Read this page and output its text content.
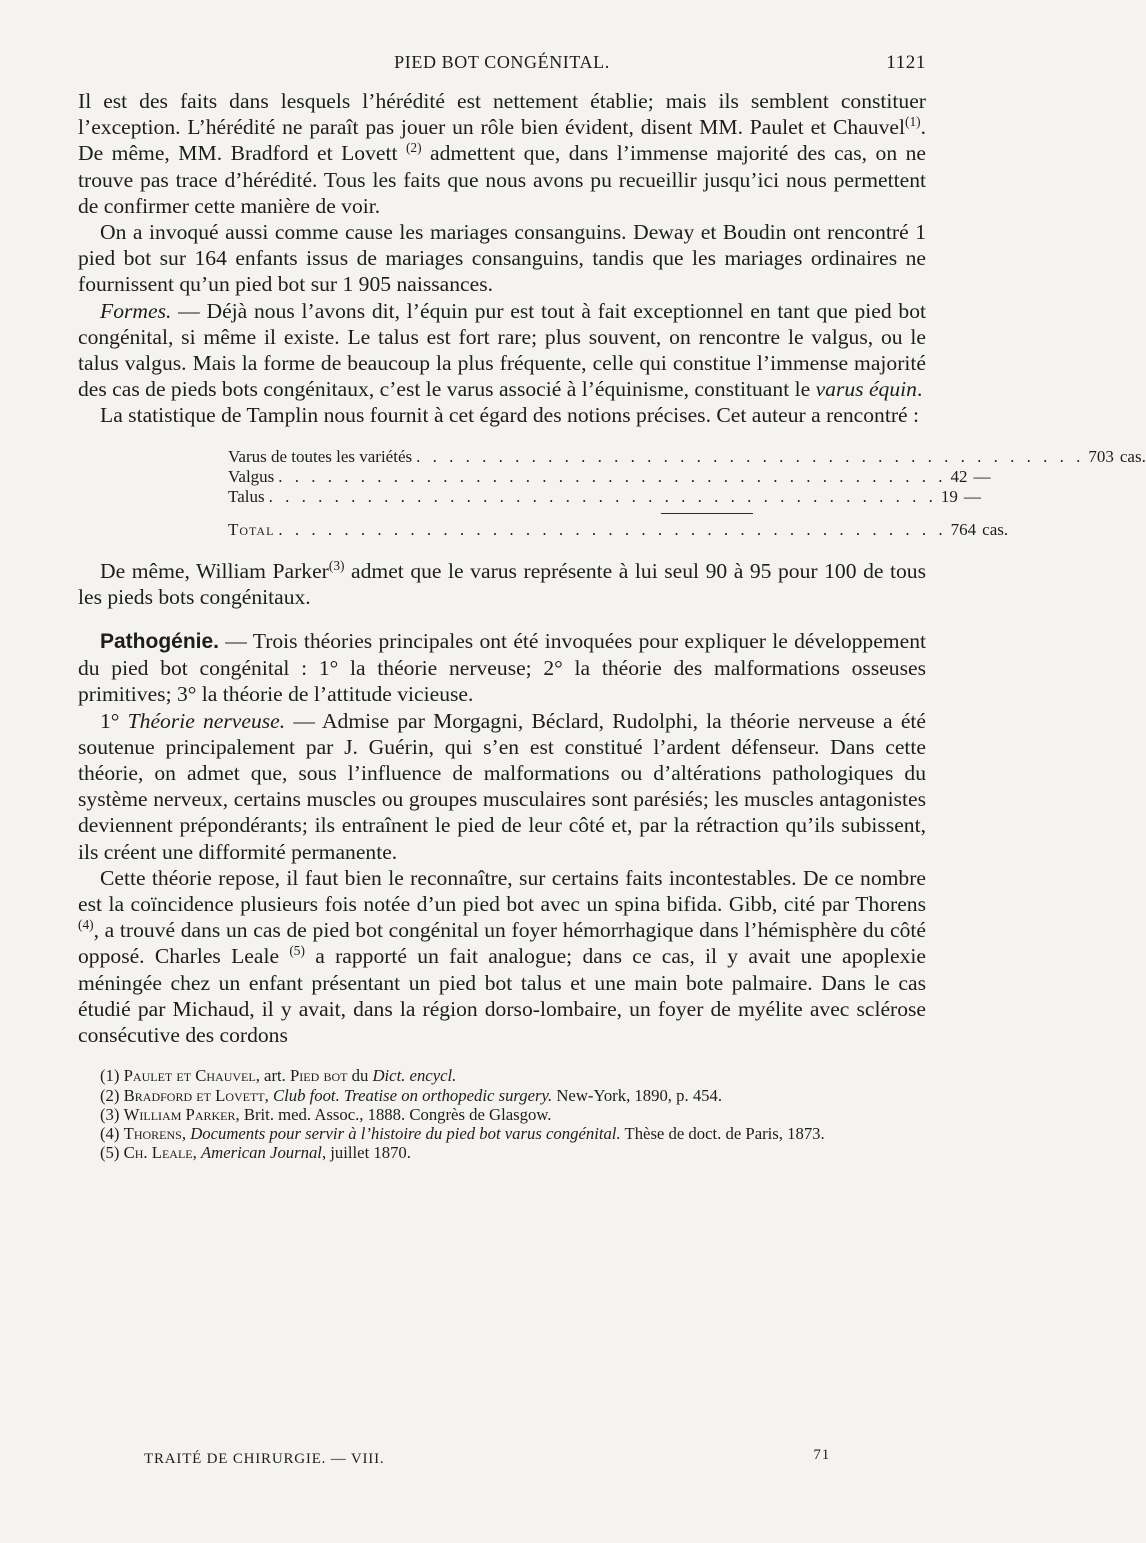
PIED BOT CONGÉNITAL.	1121

Il est des faits dans lesquels l’hérédité est nettement établie; mais ils semblent constituer l’exception. L’hérédité ne paraît pas jouer un rôle bien évident, disent MM. Paulet et Chauvel$^{(1)}$. De même, MM. Bradford et Lovett $^{(2)}$ admettent que, dans l’immense majorité des cas, on ne trouve pas trace d’hérédité. Tous les faits que nous avons pu recueillir jusqu’ici nous permettent de confirmer cette manière de voir.

On a invoqué aussi comme cause les mariages consanguins. Deway et Boudin ont rencontré 1 pied bot sur 164 enfants issus de mariages consanguins, tandis que les mariages ordinaires ne fournissent qu’un pied bot sur 1 905 naissances.

Formes. — Déjà nous l’avons dit, l’équin pur est tout à fait exceptionnel en tant que pied bot congénital, si même il existe. Le talus est fort rare; plus souvent, on rencontre le valgus, ou le talus valgus. Mais la forme de beaucoup la plus fréquente, celle qui constitue l’immense majorité des cas de pieds bots congénitaux, c’est le varus associé à l’équinisme, constituant le varus équin.

La statistique de Tamplin nous fournit à cet égard des notions précises. Cet auteur a rencontré :

Varus de toutes les variétés . . . . . . . . . . . . . . . . . . . . . . . . . . . . . . . . . . . . . . . . . 703 cas.
Valgus . . . . . . . . . . . . . . . . . . . . . . . . . . . . . . . . . . . . . . . . . 42 —
Talus . . . . . . . . . . . . . . . . . . . . . . . . . . . . . . . . . . . . . . . . . 19 —
Total . . . . . . . . . . . . . . . . . . . . . . . . . . . . . . . . . . . . . . . . . 764 cas.

De même, William Parker$^{(3)}$ admet que le varus représente à lui seul 90 à 95 pour 100 de tous les pieds bots congénitaux.

Pathogénie. — Trois théories principales ont été invoquées pour expliquer le développement du pied bot congénital : 1° la théorie nerveuse; 2° la théorie des malformations osseuses primitives; 3° la théorie de l’attitude vicieuse.

1° Théorie nerveuse. — Admise par Morgagni, Béclard, Rudolphi, la théorie nerveuse a été soutenue principalement par J. Guérin, qui s’en est constitué l’ardent défenseur. Dans cette théorie, on admet que, sous l’influence de malformations ou d’altérations pathologiques du système nerveux, certains muscles ou groupes musculaires sont parésiés; les muscles antagonistes deviennent prépondérants; ils entraînent le pied de leur côté et, par la rétraction qu’ils subissent, ils créent une difformité permanente.

Cette théorie repose, il faut bien le reconnaître, sur certains faits incontestables. De ce nombre est la coïncidence plusieurs fois notée d’un pied bot avec un spina bifida. Gibb, cité par Thorens $^{(4)}$, a trouvé dans un cas de pied bot congénital un foyer hémorrhagique dans l’hémisphère du côté opposé. Charles Leale $^{(5)}$ a rapporté un fait analogue; dans ce cas, il y avait une apoplexie méningée chez un enfant présentant un pied bot talus et une main bote palmaire. Dans le cas étudié par Michaud, il y avait, dans la région dorso-lombaire, un foyer de myélite avec sclérose consécutive des cordons

(1) Paulet et Chauvel, art. Pied bot du Dict. encycl.

(2) Bradford et Lovett, Club foot. Treatise on orthopedic surgery. New-York, 1890, p. 454.

(3) William Parker, Brit. med. Assoc., 1888. Congrès de Glasgow.

(4) Thorens, Documents pour servir à l’histoire du pied bot varus congénital. Thèse de doct. de Paris, 1873.

(5) Ch. Leale, American Journal, juillet 1870.

TRAITÉ DE CHIRURGIE. — VIII.	71
